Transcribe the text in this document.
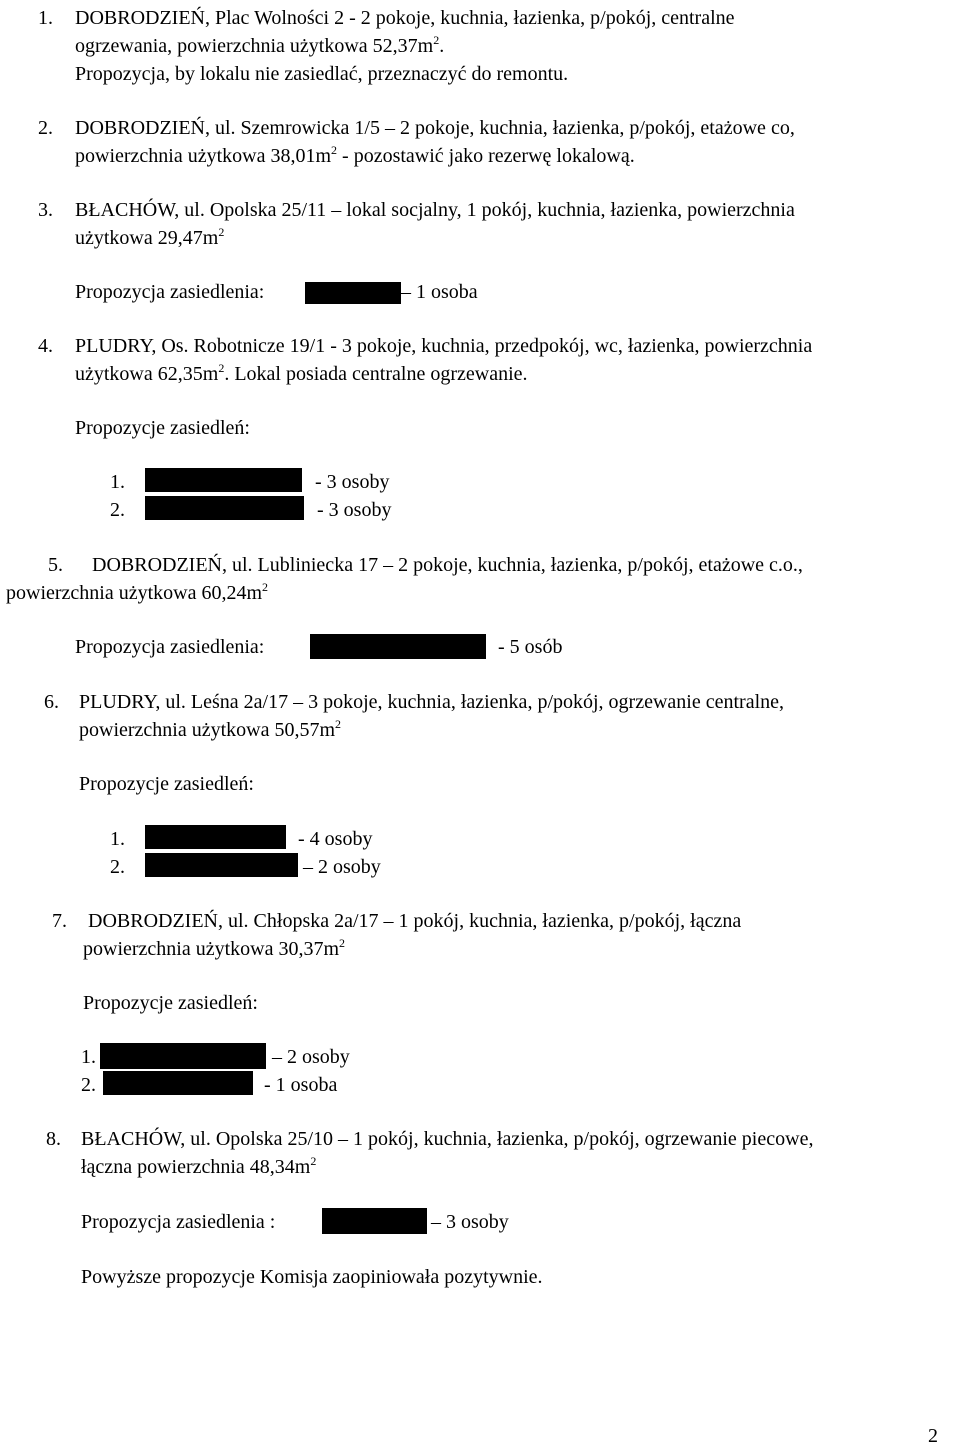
1. DOBRODZIEŃ, Plac Wolności 2 - 2 pokoje, kuchnia, łazienka, p/pokój, centralne
ogrzewania, powierzchnia użytkowa $52,37m^2$.
Propozycja, by lokalu nie zasiedlać, przeznaczyć do remontu.
2. DOBRODZIEŃ, ul. Szemrowicka 1/5 – 2 pokoje, kuchnia, łazienka, p/pokój, etażowe co,
powierzchnia użytkowa $38,01m^2$ - pozostawić jako rezerwę lokalową.
3. BŁACHÓW, ul. Opolska 25/11 – lokal socjalny, 1 pokój, kuchnia, łazienka, powierzchnia
użytkowa $29,47m^2$
Propozycja zasiedlenia:	– 1 osoba
4. PLUDRY, Os. Robotnicze 19/1 - 3 pokoje, kuchnia, przedpokój, wc, łazienka, powierzchnia
użytkowa $62,35m^2$. Lokal posiada centralne ogrzewanie.
Propozycje zasiedleń:
1.	- 3 osoby
2.	- 3 osoby
5. DOBRODZIEŃ, ul. Lubliniecka 17 – 2 pokoje, kuchnia, łazienka, p/pokój, etażowe c.o.,
powierzchnia użytkowa $60,24m^2$
Propozycja zasiedlenia:	- 5 osób
6. PLUDRY, ul. Leśna 2a/17 – 3 pokoje, kuchnia, łazienka, p/pokój, ogrzewanie centralne,
powierzchnia użytkowa $50,57m^2$
Propozycje zasiedleń:
1.	- 4 osoby
2.	– 2 osoby
7. DOBRODZIEŃ, ul. Chłopska 2a/17 – 1 pokój, kuchnia, łazienka, p/pokój, łączna
powierzchnia użytkowa $30,37m^2$
Propozycje zasiedleń:
1.	– 2 osoby
2.	- 1 osoba
8. BŁACHÓW, ul. Opolska 25/10 – 1 pokój, kuchnia, łazienka, p/pokój, ogrzewanie piecowe,
łączna powierzchnia $48,34m^2$
Propozycja zasiedlenia :	– 3 osoby
Powyższe propozycje Komisja zaopiniowała pozytywnie.
2
